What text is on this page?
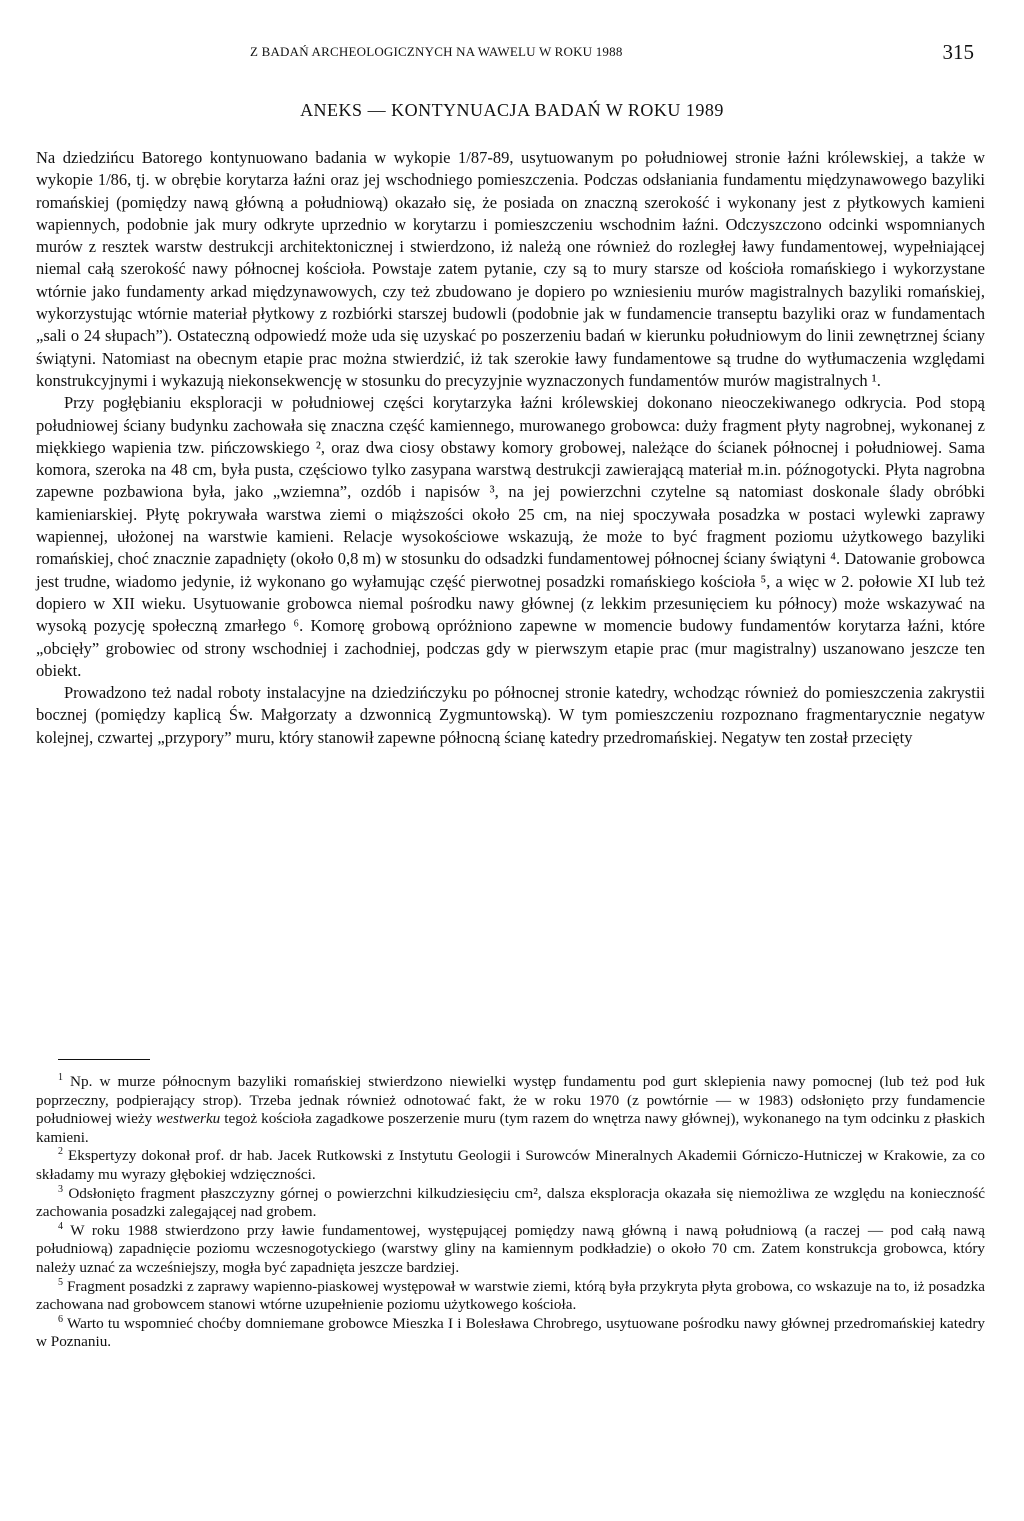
Z BADAŃ ARCHEOLOGICZNYCH NA WAWELU W ROKU 1988	315
ANEKS — KONTYNUACJA BADAŃ W ROKU 1989

Na dziedzińcu Batorego kontynuowano badania w wykopie 1/87-89, usytuowanym po południowej stronie łaźni królewskiej, a także w wykopie 1/86, tj. w obrębie korytarza łaźni oraz jej wschodniego pomieszczenia. Podczas odsłaniania fundamentu międzynawowego bazyliki romańskiej (pomiędzy nawą główną a południową) okazało się, że posiada on znaczną szerokość i wykonany jest z płytkowych kamieni wapiennych, podobnie jak mury odkryte uprzednio w korytarzu i pomieszczeniu wschodnim łaźni. Odczyszczono odcinki wspomnianych murów z resztek warstw destrukcji architektonicznej i stwierdzono, iż należą one również do rozległej ławy fundamentowej, wypełniającej niemal całą szerokość nawy północnej kościoła. Powstaje zatem pytanie, czy są to mury starsze od kościoła romańskiego i wykorzystane wtórnie jako fundamenty arkad międzynawowych, czy też zbudowano je dopiero po wzniesieniu murów magistralnych bazyliki romańskiej, wykorzystując wtórnie materiał płytkowy z rozbiórki starszej budowli (podobnie jak w fundamencie transeptu bazyliki oraz w fundamentach „sali o 24 słupach”). Ostateczną odpowiedź może uda się uzyskać po poszerzeniu badań w kierunku południowym do linii zewnętrznej ściany świątyni. Natomiast na obecnym etapie prac można stwierdzić, iż tak szerokie ławy fundamentowe są trudne do wytłumaczenia względami konstrukcyjnymi i wykazują niekonsekwencję w stosunku do precyzyjnie wyznaczonych fundamentów murów magistralnych ¹.

Przy pogłębianiu eksploracji w południowej części korytarzyka łaźni królewskiej dokonano nieoczekiwanego odkrycia. Pod stopą południowej ściany budynku zachowała się znaczna część kamiennego, murowanego grobowca: duży fragment płyty nagrobnej, wykonanej z miękkiego wapienia tzw. pińczowskiego ², oraz dwa ciosy obstawy komory grobowej, należące do ścianek północnej i południowej. Sama komora, szeroka na 48 cm, była pusta, częściowo tylko zasypana warstwą destrukcji zawierającą materiał m.in. późnogotycki. Płyta nagrobna zapewne pozbawiona była, jako „wziemna”, ozdób i napisów ³, na jej powierzchni czytelne są natomiast doskonale ślady obróbki kamieniarskiej. Płytę pokrywała warstwa ziemi o miąższości około 25 cm, na niej spoczywała posadzka w postaci wylewki zaprawy wapiennej, ułożonej na warstwie kamieni. Relacje wysokościowe wskazują, że może to być fragment poziomu użytkowego bazyliki romańskiej, choć znacznie zapadnięty (około 0,8 m) w stosunku do odsadzki fundamentowej północnej ściany świątyni ⁴. Datowanie grobowca jest trudne, wiadomo jedynie, iż wykonano go wyłamując część pierwotnej posadzki romańskiego kościoła ⁵, a więc w 2. połowie XI lub też dopiero w XII wieku. Usytuowanie grobowca niemal pośrodku nawy głównej (z lekkim przesunięciem ku północy) może wskazywać na wysoką pozycję społeczną zmarłego ⁶. Komorę grobową opróżniono zapewne w momencie budowy fundamentów korytarza łaźni, które „obcięły” grobowiec od strony wschodniej i zachodniej, podczas gdy w pierwszym etapie prac (mur magistralny) uszanowano jeszcze ten obiekt.

Prowadzono też nadal roboty instalacyjne na dziedzińczyku po północnej stronie katedry, wchodząc również do pomieszczenia zakrystii bocznej (pomiędzy kaplicą Św. Małgorzaty a dzwonnicą Zygmuntowską). W tym pomieszczeniu rozpoznano fragmentarycznie negatyw kolejnej, czwartej „przypory” muru, który stanowił zapewne północną ścianę katedry przedromańskiej. Negatyw ten został przecięty

$^1$ Np. w murze północnym bazyliki romańskiej stwierdzono niewielki występ fundamentu pod gurt sklepienia nawy pomocnej (lub też pod łuk poprzeczny, podpierający strop). Trzeba jednak również odnotować fakt, że w roku 1970 (z powtórnie — w 1983) odsłonięto przy fundamencie południowej wieży westwerku tegoż kościoła zagadkowe poszerzenie muru (tym razem do wnętrza nawy głównej), wykonanego na tym odcinku z płaskich kamieni.

$^2$ Ekspertyzy dokonał prof. dr hab. Jacek Rutkowski z Instytutu Geologii i Surowców Mineralnych Akademii Górniczo-Hutniczej w Krakowie, za co składamy mu wyrazy głębokiej wdzięczności.

$^3$ Odsłonięto fragment płaszczyzny górnej o powierzchni kilkudziesięciu cm², dalsza eksploracja okazała się niemożliwa ze względu na konieczność zachowania posadzki zalegającej nad grobem.

$^4$ W roku 1988 stwierdzono przy ławie fundamentowej, występującej pomiędzy nawą główną i nawą południową (a raczej — pod całą nawą południową) zapadnięcie poziomu wczesnogotyckiego (warstwy gliny na kamiennym podkładzie) o około 70 cm. Zatem konstrukcja grobowca, który należy uznać za wcześniejszy, mogła być zapadnięta jeszcze bardziej.

$^5$ Fragment posadzki z zaprawy wapienno-piaskowej występował w warstwie ziemi, którą była przykryta płyta grobowa, co wskazuje na to, iż posadzka zachowana nad grobowcem stanowi wtórne uzupełnienie poziomu użytkowego kościoła.

$^6$ Warto tu wspomnieć choćby domniemane grobowce Mieszka I i Bolesława Chrobrego, usytuowane pośrodku nawy głównej przedromańskiej katedry w Poznaniu.
